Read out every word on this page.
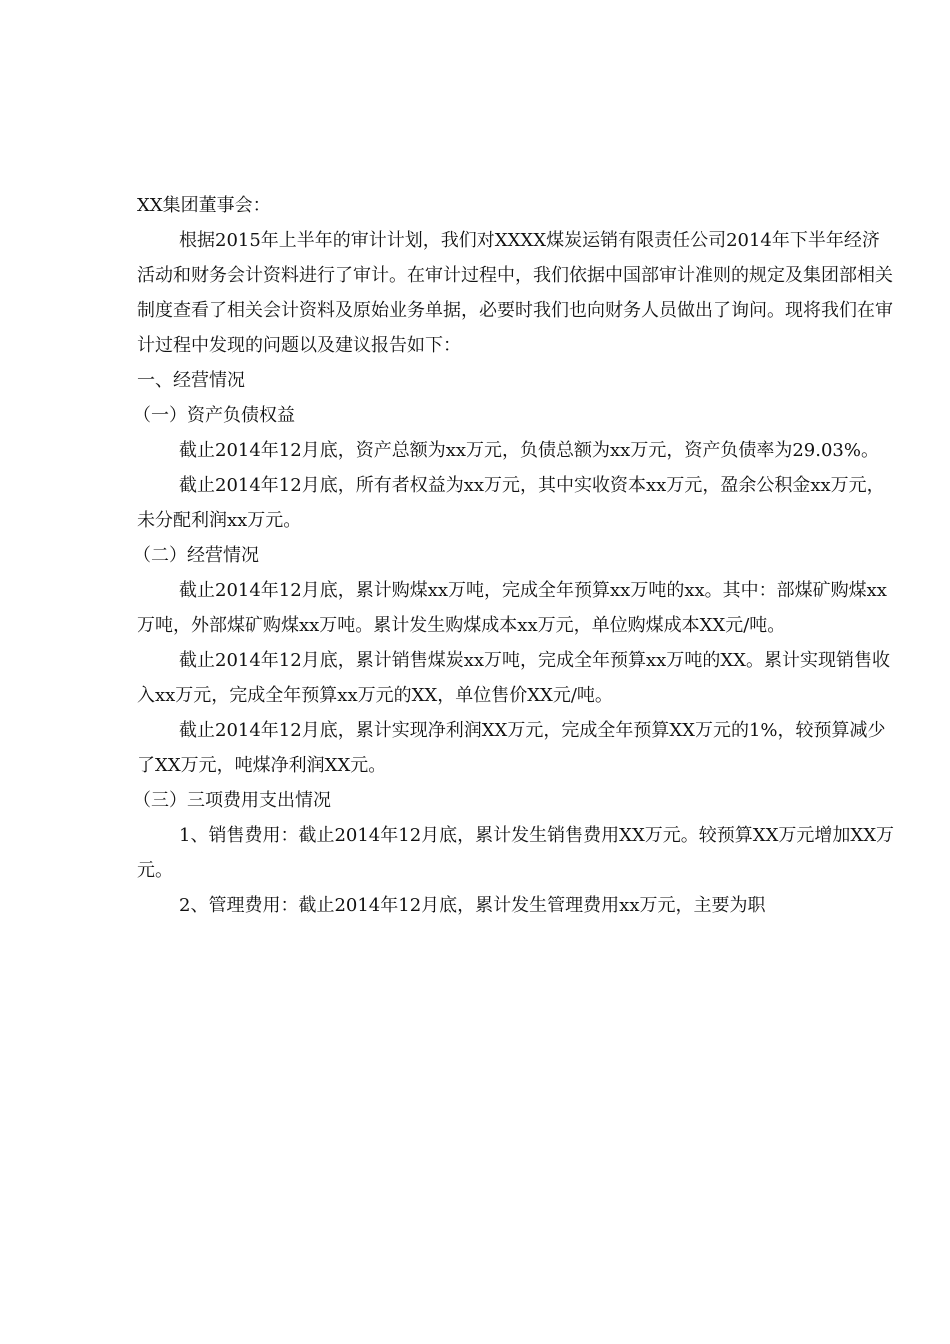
XX集团董事会：

根据2015年上半年的审计计划，我们对XXXX煤炭运销有限责任公司2014年下半年经济活动和财务会计资料进行了审计。在审计过程中，我们依据中国部审计准则的规定及集团部相关制度查看了相关会计资料及原始业务单据，必要时我们也向财务人员做出了询问。现将我们在审计过程中发现的问题以及建议报告如下：

一、经营情况

（一）资产负债权益

截止2014年12月底，资产总额为xx万元，负债总额为xx万元，资产负债率为29.03%。

截止2014年12月底，所有者权益为xx万元，其中实收资本xx万元，盈余公积金xx万元，未分配利润xx万元。

（二）经营情况

截止2014年12月底，累计购煤xx万吨，完成全年预算xx万吨的xx。其中：部煤矿购煤xx万吨，外部煤矿购煤xx万吨。累计发生购煤成本xx万元，单位购煤成本XX元/吨。

截止2014年12月底，累计销售煤炭xx万吨，完成全年预算xx万吨的XX。累计实现销售收入xx万元，完成全年预算xx万元的XX，单位售价XX元/吨。

截止2014年12月底，累计实现净利润XX万元，完成全年预算XX万元的1%，较预算减少了XX万元，吨煤净利润XX元。

（三）三项费用支出情况

1、销售费用：截止2014年12月底，累计发生销售费用XX万元。较预算XX万元增加XX万元。

2、管理费用：截止2014年12月底，累计发生管理费用xx万元，主要为职
